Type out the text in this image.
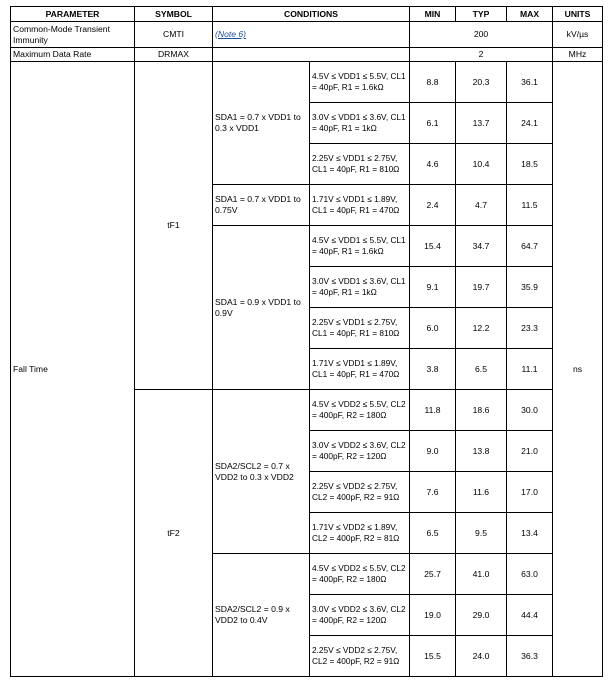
PARAMETER	SYMBOL	CONDITIONS		MIN	TYP	MAX	UNITS
Common-Mode Transient Immunity	CMTI	(Note 6)		200			kV/µs
Maximum Data Rate	DRMAX			2			MHz
Fall Time	tF1	SDA1 = 0.7 x VDD1 to 0.3 x VDD1	4.5V ≤ VDD1 ≤ 5.5V, CL1 = 40pF, R1 = 1.6kΩ	8.8	20.3	36.1	ns
			3.0V ≤ VDD1 ≤ 3.6V, CL1 = 40pF, R1 = 1kΩ	6.1	13.7	24.1	
			2.25V ≤ VDD1 ≤ 2.75V, CL1 = 40pF, R1 = 810Ω	4.6	10.4	18.5	
		SDA1 = 0.7 x VDD1 to 0.75V	1.71V ≤ VDD1 ≤ 1.89V, CL1 = 40pF, R1 = 470Ω	2.4	4.7	11.5	
		SDA1 = 0.9 x VDD1 to 0.9V	4.5V ≤ VDD1 ≤ 5.5V, CL1 = 40pF, R1 = 1.6kΩ	15.4	34.7	64.7	
			3.0V ≤ VDD1 ≤ 3.6V, CL1 = 40pF, R1 = 1kΩ	9.1	19.7	35.9	
			2.25V ≤ VDD1 ≤ 2.75V, CL1 = 40pF, R1 = 810Ω	6.0	12.2	23.3	
			1.71V ≤ VDD1 ≤ 1.89V, CL1 = 40pF, R1 = 470Ω	3.8	6.5	11.1	
	tF2	SDA2/SCL2 = 0.7 x VDD2 to 0.3 x VDD2	4.5V ≤ VDD2 ≤ 5.5V, CL2 = 400pF, R2 = 180Ω	11.8	18.6	30.0	
			3.0V ≤ VDD2 ≤ 3.6V, CL2 = 400pF, R2 = 120Ω	9.0	13.8	21.0	
			2.25V ≤ VDD2 ≤ 2.75V, CL2 = 400pF, R2 = 91Ω	7.6	11.6	17.0	
			1.71V ≤ VDD2 ≤ 1.89V, CL2 = 400pF, R2 = 81Ω	6.5	9.5	13.4	
		SDA2/SCL2 = 0.9 x VDD2 to 0.4V	4.5V ≤ VDD2 ≤ 5.5V, CL2 = 400pF, R2 = 180Ω	25.7	41.0	63.0	
			3.0V ≤ VDD2 ≤ 3.6V, CL2 = 400pF, R2 = 120Ω	19.0	29.0	44.4	
			2.25V ≤ VDD2 ≤ 2.75V, CL2 = 400pF, R2 = 91Ω	15.5	24.0	36.3	
